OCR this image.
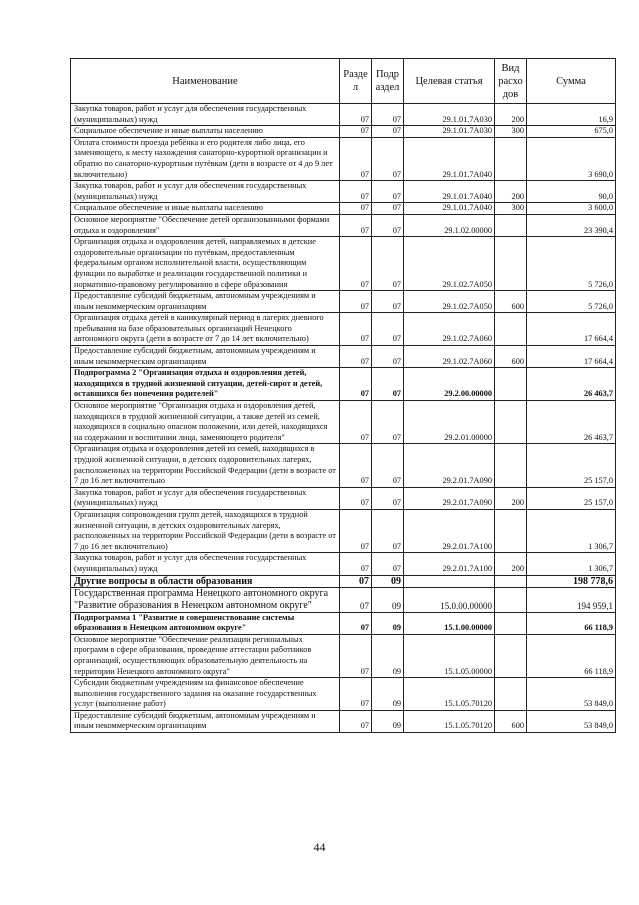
Наименование	Разде л	Подр аздел	Целевая статья	Вид расхо дов	Сумма
Закупка товаров, работ и услуг для обеспечения государственных (муниципальных) нужд	07	07	29.1.01.7А030	200	16,9
Социальное обеспечение и иные выплаты населению	07	07	29.1.01.7А030	300	675,0
Оплата стоимости проезда ребёнка и его родителя либо лица, его заменяющего, к месту нахождения санаторно-курортной организации и обратно по санаторно-курортным путёвкам (дети в возрасте от 4 до 9 лет включительно)	07	07	29.1.01.7А040		3 690,0
Закупка товаров, работ и услуг для обеспечения государственных (муниципальных) нужд	07	07	29.1.01.7А040	200	90,0
Социальное обеспечение и иные выплаты населению	07	07	29.1.01.7А040	300	3 600,0
Основное мероприятие "Обеспечение детей организованными формами отдыха и оздоровления"	07	07	29.1.02.00000		23 390,4
Организация отдыха и оздоровления детей, направляемых в детские оздоровительные организации по путёвкам, предоставленным федеральным органом исполнительной власти, осуществляющим функции по выработке и реализации государственной политики и нормативно-правовому регулированию в сфере образования	07	07	29.1.02.7А050		5 726,0
Предоставление субсидий бюджетным, автономным учреждениям и иным некоммерческим организациям	07	07	29.1.02.7А050	600	5 726,0
Организация отдыха детей в каникулярный период в лагерях дневного пребывания на базе образовательных организаций Ненецкого автономного округа (дети в возрасте от 7 до 14 лет включительно)	07	07	29.1.02.7А060		17 664,4
Предоставление субсидий бюджетным, автономным учреждениям и иным некоммерческим организациям	07	07	29.1.02.7А060	600	17 664,4
Подпрограмма 2 "Организация отдыха и оздоровления детей, находящихся в трудной жизненной ситуации, детей-сирот и детей, оставшихся без попечения родителей"	07	07	29.2.00.00000		26 463,7
Основное мероприятие "Организация отдыха и оздоровления детей, находящихся в трудной жизненной ситуации, а также детей из семей, находящихся в социально опасном положении, или детей, находящихся на содержании и воспитании лица, заменяющего родителя"	07	07	29.2.01.00000		26 463,7
Организация отдыха и оздоровления детей из семей, находящихся в трудной жизненной ситуации, в детских оздоровительных лагерях, расположенных на территории Российской Федерации (дети в возрасте от 7 до 16 лет включительно	07	07	29.2.01.7А090		25 157,0
Закупка товаров, работ и услуг для обеспечения государственных (муниципальных) нужд	07	07	29.2.01.7А090	200	25 157,0
Организация сопровождения групп детей, находящихся в трудной жизненной ситуации, в детских оздоровительных лагерях, расположенных на территории Российской Федерации (дети в возрасте от 7 до 16 лет включительно)	07	07	29.2.01.7А100		1 306,7
Закупка товаров, работ и услуг для обеспечения государственных (муниципальных) нужд	07	07	29.2.01.7А100	200	1 306,7
Другие вопросы в области образования	07	09			198 778,6
Государственная программа Ненецкого автономного округа "Развитие образования в Ненецком автономном округе"	07	09	15.0.00.00000		194 959,1
Подпрограмма 1 "Развитие и совершенствование системы образования в Ненецком автономном округе"	07	09	15.1.00.00000		66 118,9
Основное мероприятие "Обеспечение реализации региональных программ в сфере образования, проведение аттестации работников организаций, осуществляющих образовательную деятельность на территории Ненецкого автономного округа"	07	09	15.1.05.00000		66 118,9
Субсидии бюджетным учреждениям на финансовое обеспечение выполнения государственного задания на оказание государственных услуг (выполнение работ)	07	09	15.1.05.70120		53 849,0
Предоставление субсидий бюджетным, автономным учреждениям и иным некоммерческим организациям	07	09	15.1.05.70120	600	53 849,0
44
